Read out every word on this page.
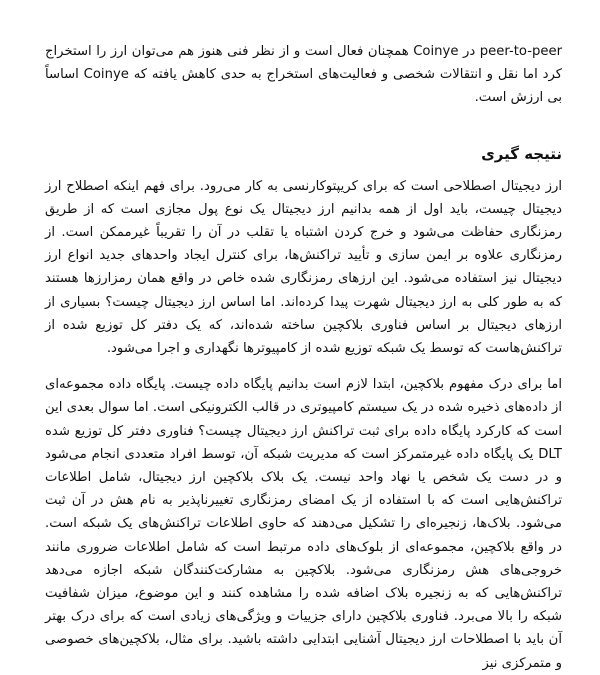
peer-to-peer در Coinye همچنان فعال است و از نظر فنی هنوز هم می‌توان ارز را استخراج کرد اما نقل و انتقالات شخصی و فعالیت‌های استخراج به حدی کاهش یافته که Coinye اساساً بی ارزش است.

نتیجه گیری

ارز دیجیتال اصطلاحی است که برای کریپتوکارنسی به کار می‌رود. برای فهم اینکه اصطلاح ارز دیجیتال چیست، باید اول از همه بدانیم ارز دیجیتال یک نوع پول مجازی است که از طریق رمزنگاری حفاظت می‌شود و خرج کردن اشتباه یا تقلب در آن را تقریباً غیرممکن است. از رمزنگاری علاوه بر ایمن سازی و تأیید تراکنش‌ها، برای کنترل ایجاد واحدهای جدید انواع ارز دیجیتال نیز استفاده می‌شود. این ارزهای رمزنگاری شده خاص در واقع همان رمزارزها هستند که به طور کلی به ارز دیجیتال شهرت پیدا کرده‌اند. اما اساس ارز دیجیتال چیست؟ بسیاری از ارزهای دیجیتال بر اساس فناوری بلاکچین ساخته شده‌اند، که یک دفتر کل توزیع شده از تراکنش‌هاست که توسط یک شبکه توزیع شده از کامپیوترها نگهداری و اجرا می‌شود.

اما برای درک مفهوم بلاکچین، ابتدا لازم است بدانیم پایگاه داده چیست. پایگاه داده مجموعه‌ای از داده‌های ذخیره شده در یک سیستم کامپیوتری در قالب الکترونیکی است. اما سوال بعدی این است که کارکرد پایگاه داده برای ثبت تراکنش ارز دیجیتال چیست؟ فناوری دفتر کل توزیع شده DLT یک پایگاه داده غیرمتمرکز است که مدیریت شبکه آن، توسط افراد متعددی انجام می‌شود و در دست یک شخص یا نهاد واحد نیست. یک بلاک بلاکچین ارز دیجیتال، شامل اطلاعات تراکنش‌هایی است که با استفاده از یک امضای رمزنگاری تغییرناپذیر به نام هش در آن ثبت می‌شود. بلاک‌ها، زنجیره‌ای را تشکیل می‌دهند که حاوی اطلاعات تراکنش‌های یک شبکه است. در واقع بلاکچین، مجموعه‌ای از بلوک‌های داده مرتبط است که شامل اطلاعات ضروری مانند خروجی‌های هش رمزنگاری می‌شود. بلاکچین به مشارکت‌کنندگان شبکه اجازه می‌دهد تراکنش‌هایی که به زنجیره بلاک اضافه شده را مشاهده کنند و این موضوع، میزان شفافیت شبکه را بالا می‌برد. فناوری بلاکچین دارای جزییات و ویژگی‌های زیادی است که برای درک بهتر آن باید با اصطلاحات ارز دیجیتال آشنایی ابتدایی داشته باشید. برای مثال، بلاکچین‌های خصوصی و متمرکزی نیز
